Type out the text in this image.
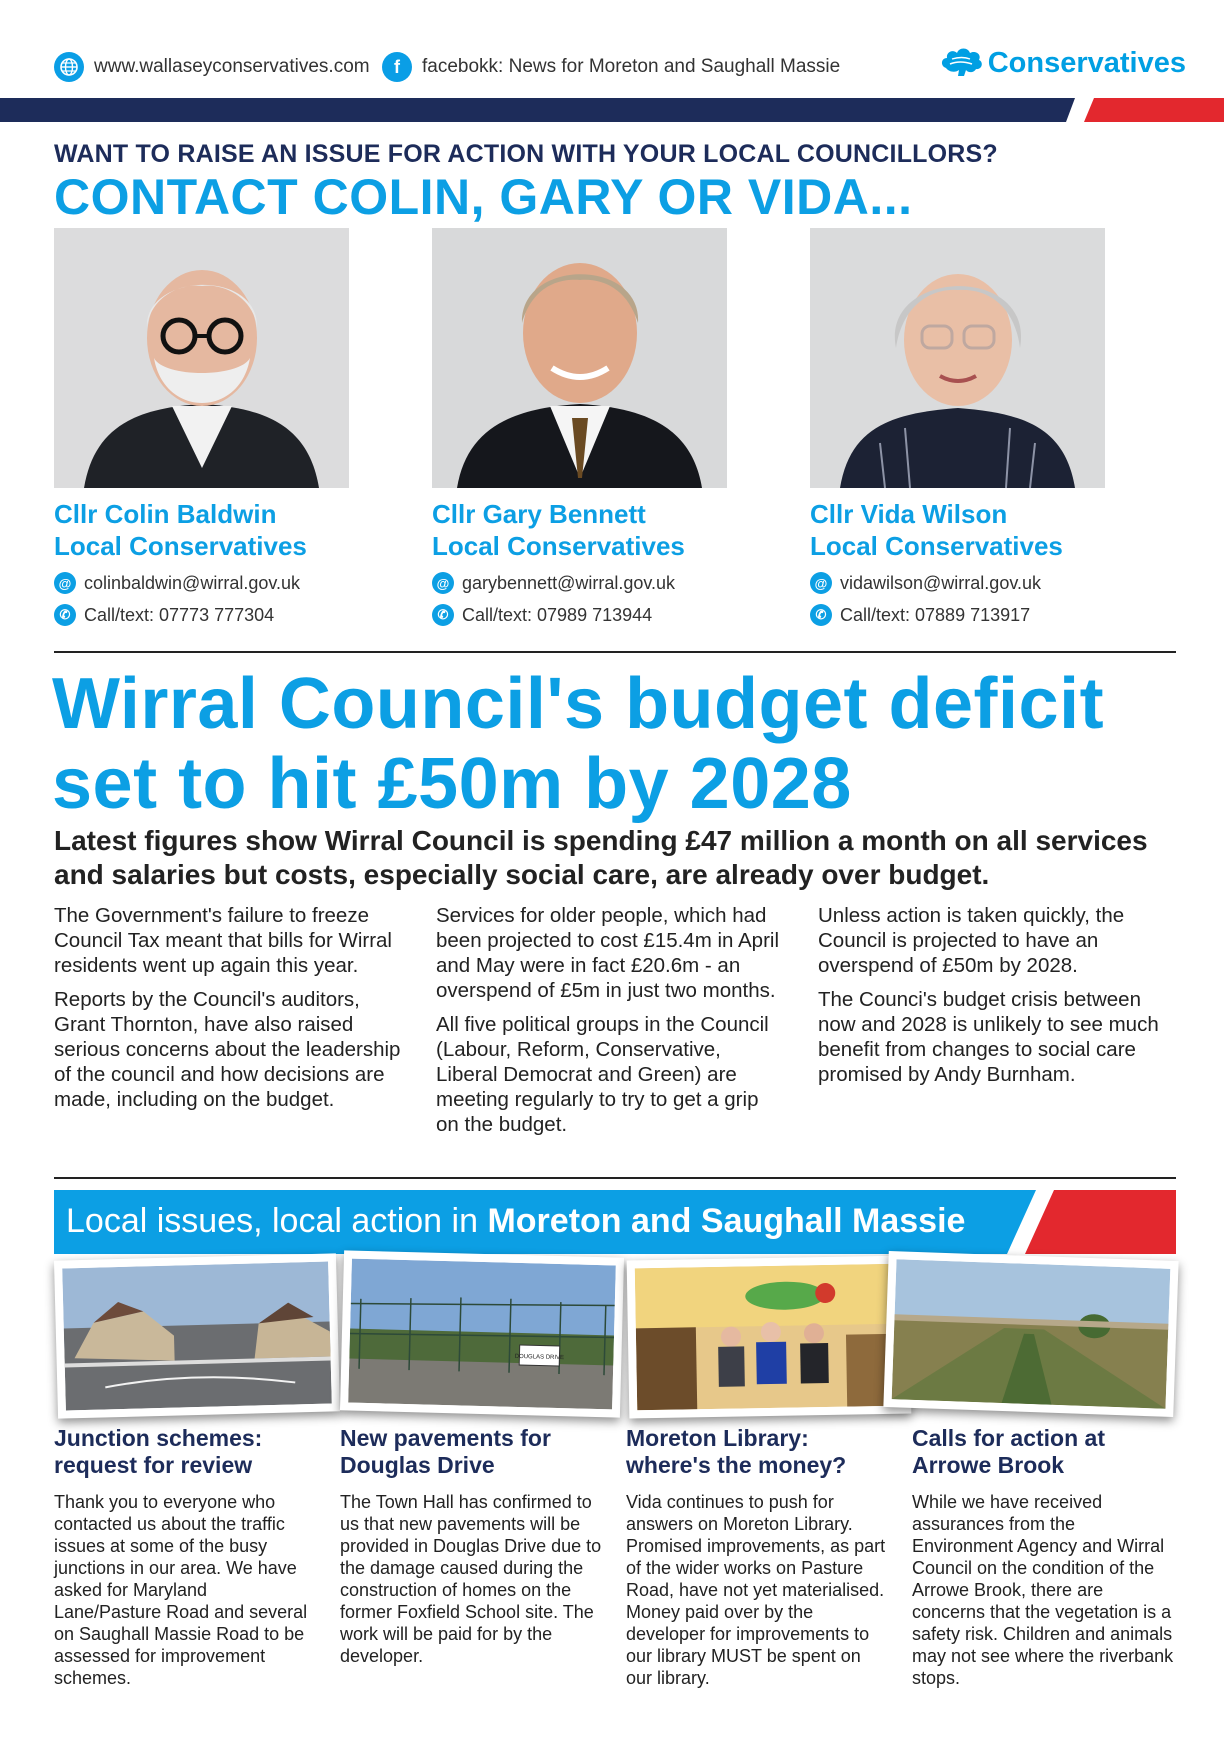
www.wallaseyconservatives.com	f	facebokk: News for Moreton and Saughall Massie	Conservatives
WANT TO RAISE AN ISSUE FOR ACTION WITH YOUR LOCAL COUNCILLORS?
CONTACT COLIN, GARY OR VIDA...
Cllr Colin Baldwin
Local Conservatives
@ colinbaldwin@wirral.gov.uk
✆ Call/text: 07773 777304
Cllr Gary Bennett
Local Conservatives
@ garybennett@wirral.gov.uk
✆ Call/text: 07989 713944
Cllr Vida Wilson
Local Conservatives
@ vidawilson@wirral.gov.uk
✆ Call/text: 07889 713917
Wirral Council's budget deficit
set to hit £50m by 2028
Latest figures show Wirral Council is spending £47 million a month on all services and salaries but costs, especially social care, are already over budget.

The Government's failure to freeze Council Tax meant that bills for Wirral residents went up again this year.

Reports by the Council's auditors, Grant Thornton, have also raised serious concerns about the leadership of the council and how decisions are made, including on the budget.

Services for older people, which had been projected to cost £15.4m in April and May were in fact £20.6m - an overspend of £5m in just two months.

All five political groups in the Council (Labour, Reform, Conservative, Liberal Democrat and Green) are meeting regularly to try to get a grip on the budget.

Unless action is taken quickly, the Council is projected to have an overspend of £50m by 2028.

The Counci's budget crisis between now and 2028 is unlikely to see much benefit from changes to social care promised by Andy Burnham.

Local issues, local action in Moreton and Saughall Massie
DOUGLAS DRIVE
Junction schemes: request for review

Thank you to everyone who contacted us about the traffic issues at some of the busy junctions in our area. We have asked for Maryland Lane/Pasture Road and several on Saughall Massie Road to be assessed for improvement schemes.

New pavements for Douglas Drive

The Town Hall has confirmed to us that new pavements will be provided in Douglas Drive due to the damage caused during the construction of homes on the former Foxfield School site. The work will be paid for by the developer.

Moreton Library: where's the money?

Vida continues to push for answers on Moreton Library. Promised improvements, as part of the wider works on Pasture Road, have not yet materialised. Money paid over by the developer for improvements to our library MUST be spent on our library.

Calls for action at Arrowe Brook

While we have received assurances from the Environment Agency and Wirral Council on the condition of the Arrowe Brook, there are concerns that the vegetation is a safety risk. Children and animals may not see where the riverbank stops.
